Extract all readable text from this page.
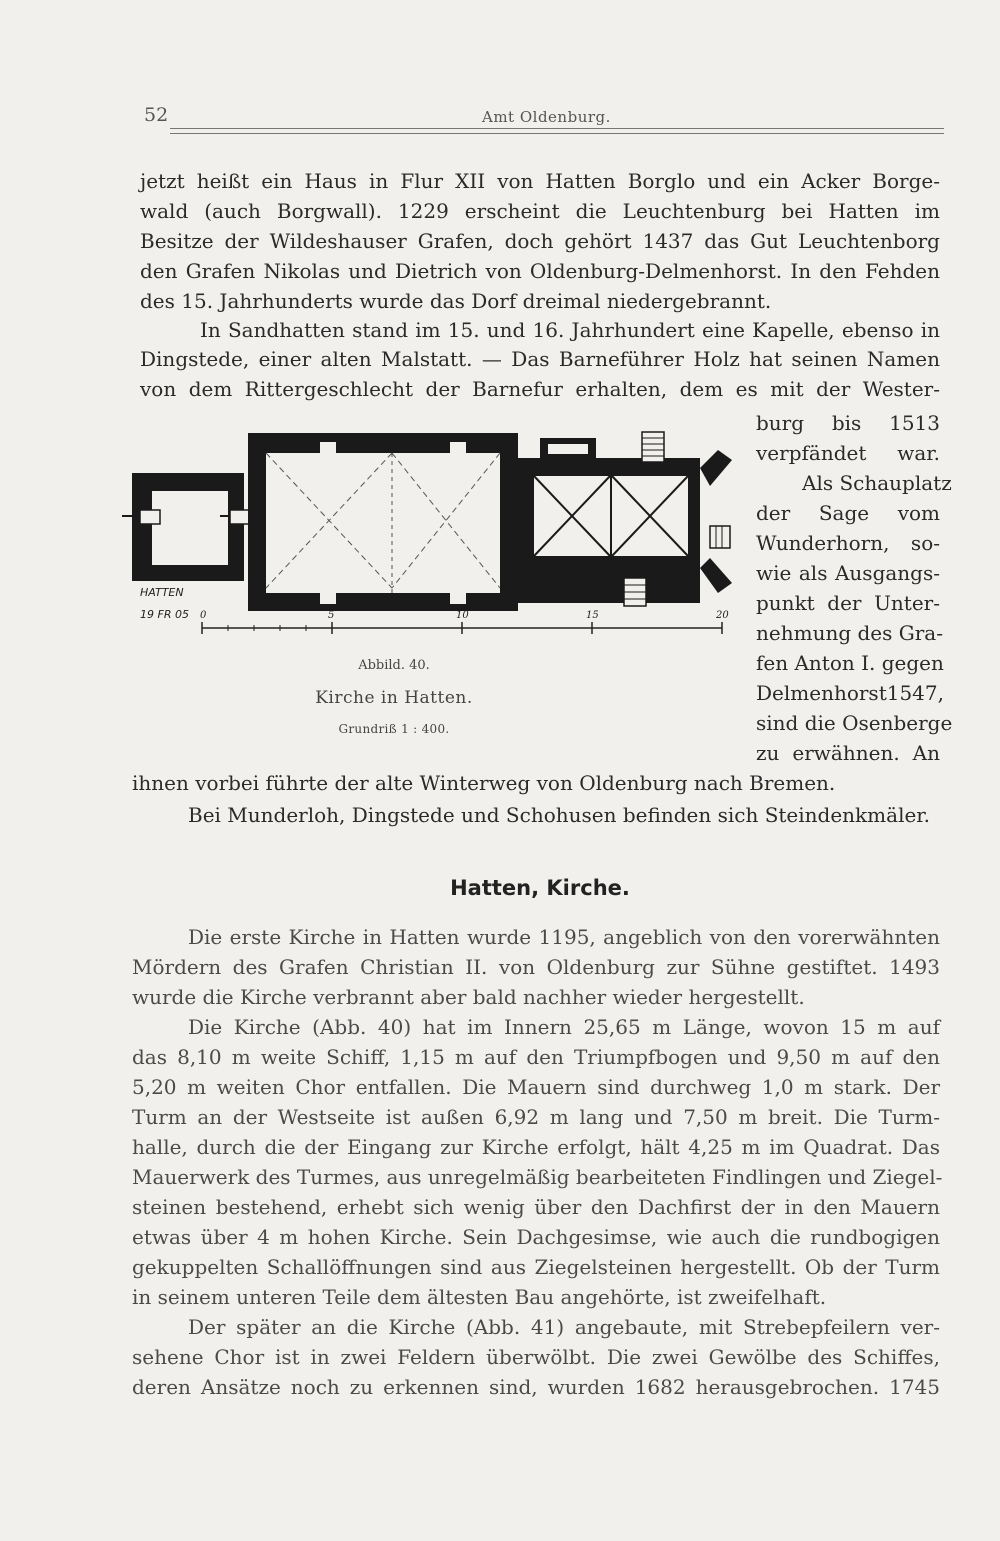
52	Amt Oldenburg.
jetzt heißt ein Haus in Flur XII von Hatten Borglo und ein Acker Borge-
wald (auch Borgwall). 1229 erscheint die Leuchtenburg bei Hatten im
Besitze der Wildeshauser Grafen, doch gehört 1437 das Gut Leuchtenborg
den Grafen Nikolas und Dietrich von Oldenburg-Delmenhorst. In den Fehden
des 15. Jahrhunderts wurde das Dorf dreimal niedergebrannt.
In Sandhatten stand im 15. und 16. Jahrhundert eine Kapelle, ebenso in
Dingstede, einer alten Malstatt. — Das Barneführer Holz hat seinen Namen
von dem Rittergeschlecht der Barnefur erhalten, dem es mit der Wester-
burg bis 1513
verpfändet war.
Als Schauplatz
der Sage vom
Wunderhorn, so-
wie als Ausgangs-
punkt der Unter-
nehmung des Gra-
fen Anton I. gegen
Delmenhorst1547,
sind die Osenberge
zu erwähnen. An
HATTEN
19 FR 05 0	5	10	15	20
Abbild. 40.
Kirche in Hatten.
Grundriß 1 : 400.
ihnen vorbei führte der alte Winterweg von Oldenburg nach Bremen.
Bei Munderloh, Dingstede und Schohusen befinden sich Steindenkmäler.
Hatten, Kirche.
Die erste Kirche in Hatten wurde 1195, angeblich von den vorerwähnten
Mördern des Grafen Christian II. von Oldenburg zur Sühne gestiftet. 1493
wurde die Kirche verbrannt aber bald nachher wieder hergestellt.
Die Kirche (Abb. 40) hat im Innern 25,65 m Länge, wovon 15 m auf
das 8,10 m weite Schiff, 1,15 m auf den Triumpfbogen und 9,50 m auf den
5,20 m weiten Chor entfallen. Die Mauern sind durchweg 1,0 m stark. Der
Turm an der Westseite ist außen 6,92 m lang und 7,50 m breit. Die Turm-
halle, durch die der Eingang zur Kirche erfolgt, hält 4,25 m im Quadrat. Das
Mauerwerk des Turmes, aus unregelmäßig bearbeiteten Findlingen und Ziegel-
steinen bestehend, erhebt sich wenig über den Dachfirst der in den Mauern
etwas über 4 m hohen Kirche. Sein Dachgesimse, wie auch die rundbogigen
gekuppelten Schallöffnungen sind aus Ziegelsteinen hergestellt. Ob der Turm
in seinem unteren Teile dem ältesten Bau angehörte, ist zweifelhaft.
Der später an die Kirche (Abb. 41) angebaute, mit Strebepfeilern ver-
sehene Chor ist in zwei Feldern überwölbt. Die zwei Gewölbe des Schiffes,
deren Ansätze noch zu erkennen sind, wurden 1682 herausgebrochen. 1745
